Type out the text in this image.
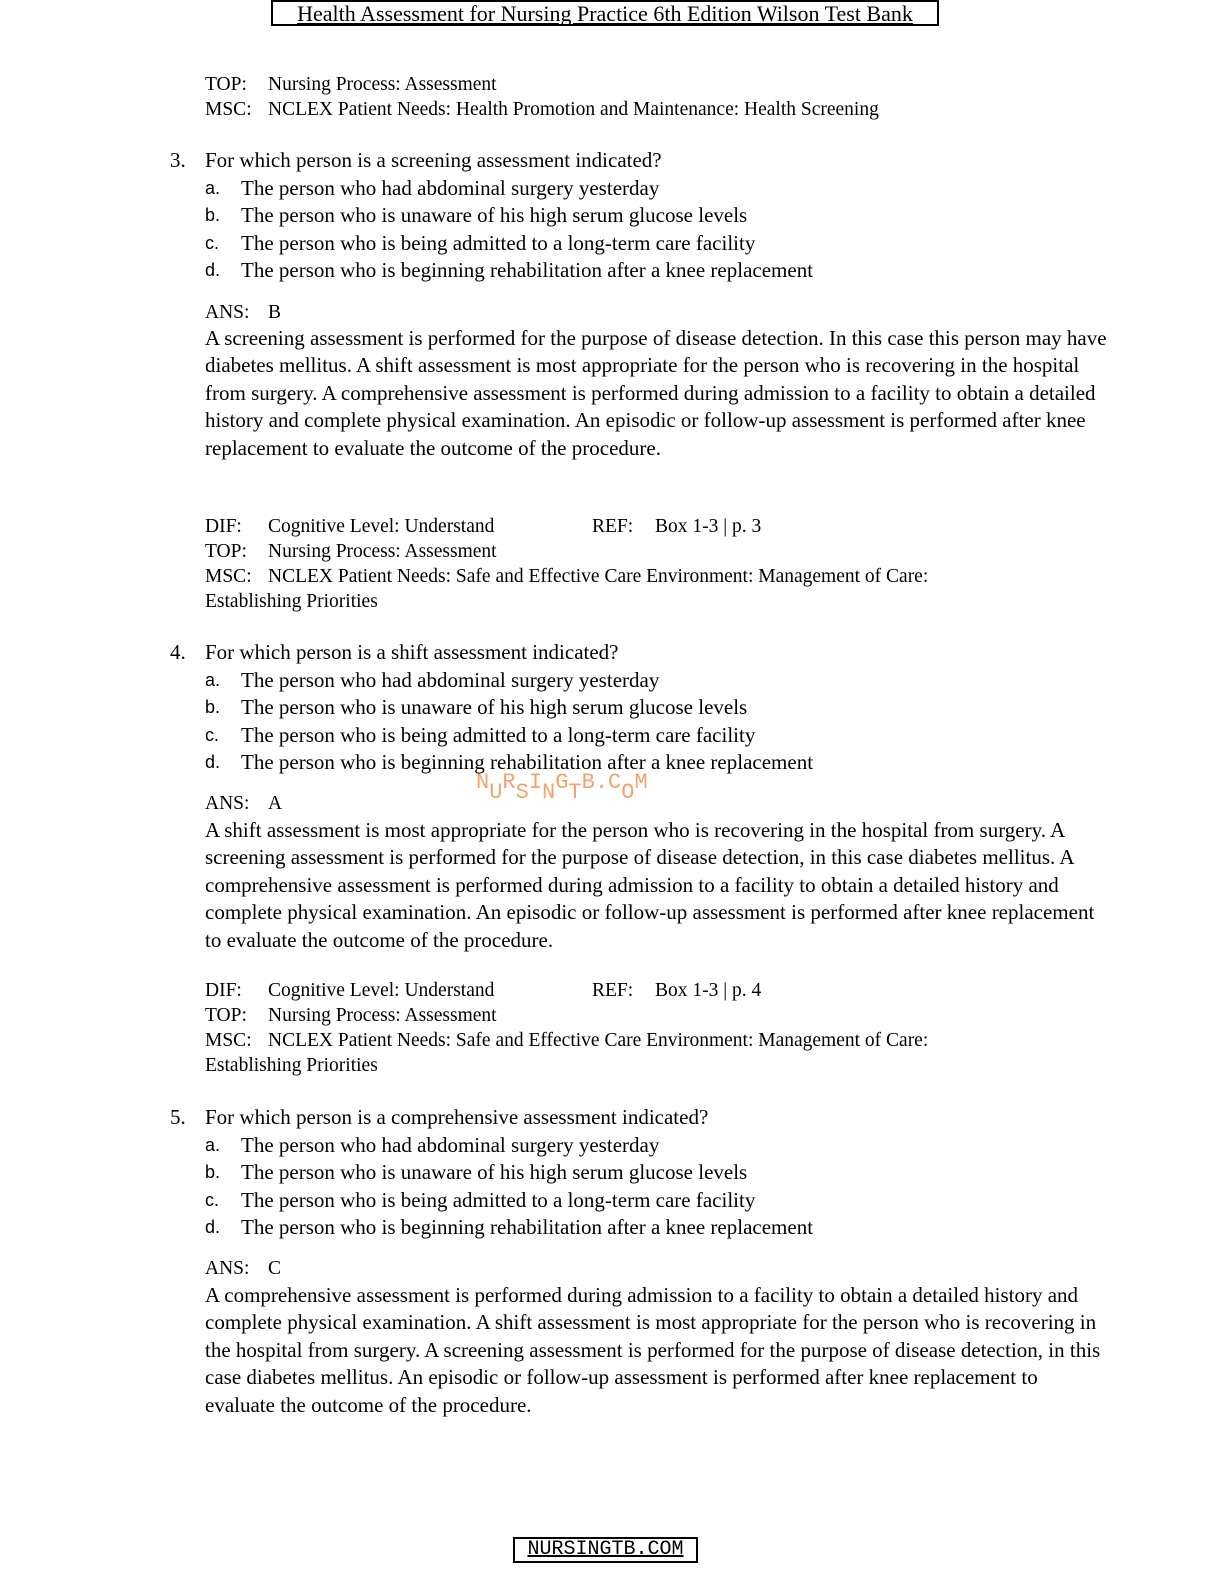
Health Assessment for Nursing Practice 6th Edition Wilson Test Bank
TOP: Nursing Process: Assessment
MSC: NCLEX Patient Needs: Health Promotion and Maintenance: Health Screening
3. For which person is a screening assessment indicated?
a. The person who had abdominal surgery yesterday
b. The person who is unaware of his high serum glucose levels
c. The person who is being admitted to a long-term care facility
d. The person who is beginning rehabilitation after a knee replacement
ANS: B
A screening assessment is performed for the purpose of disease detection. In this case this person may have diabetes mellitus. A shift assessment is most appropriate for the person who is recovering in the hospital from surgery. A comprehensive assessment is performed during admission to a facility to obtain a detailed history and complete physical examination. An episodic or follow-up assessment is performed after knee replacement to evaluate the outcome of the procedure.
DIF: Cognitive Level: Understand	REF: Box 1-3 | p. 3
TOP: Nursing Process: Assessment
MSC: NCLEX Patient Needs: Safe and Effective Care Environment: Management of Care:
Establishing Priorities
4. For which person is a shift assessment indicated?
a. The person who had abdominal surgery yesterday
b. The person who is unaware of his high serum glucose levels
c. The person who is being admitted to a long-term care facility
d. The person who is beginning rehabilitation after a knee replacement
ANS: A
A shift assessment is most appropriate for the person who is recovering in the hospital from surgery. A screening assessment is performed for the purpose of disease detection, in this case diabetes mellitus. A comprehensive assessment is performed during admission to a facility to obtain a detailed history and complete physical examination. An episodic or follow-up assessment is performed after knee replacement to evaluate the outcome of the procedure.
DIF: Cognitive Level: Understand	REF: Box 1-3 | p. 4
TOP: Nursing Process: Assessment
MSC: NCLEX Patient Needs: Safe and Effective Care Environment: Management of Care:
Establishing Priorities
5. For which person is a comprehensive assessment indicated?
a. The person who had abdominal surgery yesterday
b. The person who is unaware of his high serum glucose levels
c. The person who is being admitted to a long-term care facility
d. The person who is beginning rehabilitation after a knee replacement
ANS: C
A comprehensive assessment is performed during admission to a facility to obtain a detailed history and complete physical examination. A shift assessment is most appropriate for the person who is recovering in the hospital from surgery. A screening assessment is performed for the purpose of disease detection, in this case diabetes mellitus. An episodic or follow-up assessment is performed after knee replacement to evaluate the outcome of the procedure.
NURSINGTB.COM
NURSINGTB.COM
